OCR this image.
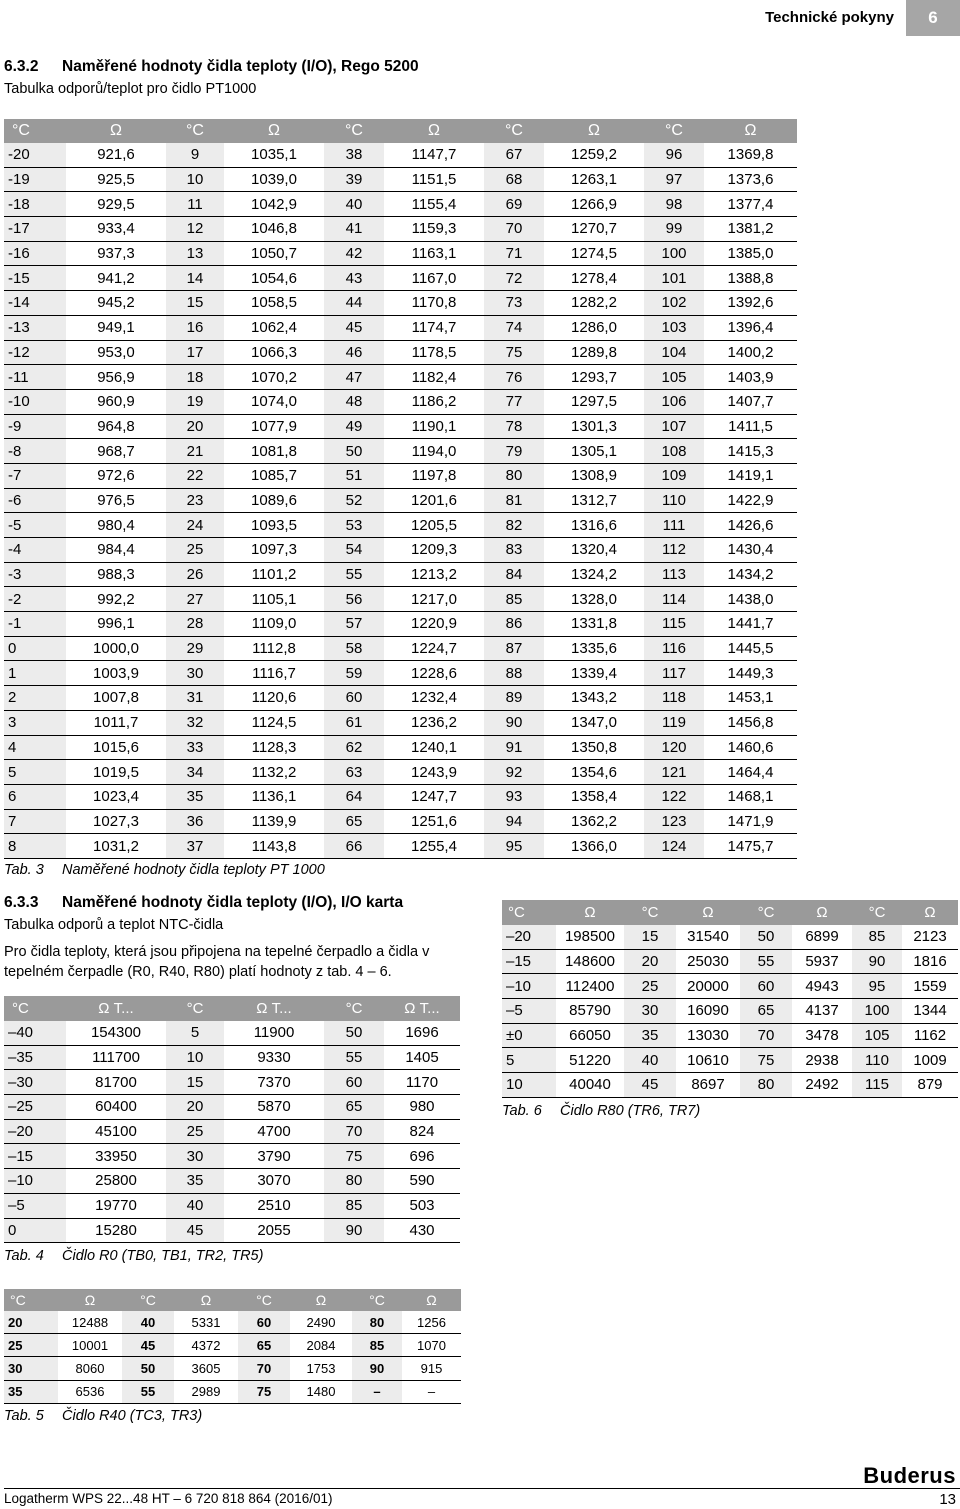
Technické pokyny	6
6.3.2 Naměřené hodnoty čidla teploty (I/O), Rego 5200
Tabulka odporů/teplot pro čidlo PT1000
°C	Ω	°C	Ω	°C	Ω	°C	Ω	°C	Ω
-20	921,6	9	1035,1	38	1147,7	67	1259,2	96	1369,8
-19	925,5	10	1039,0	39	1151,5	68	1263,1	97	1373,6
-18	929,5	11	1042,9	40	1155,4	69	1266,9	98	1377,4
-17	933,4	12	1046,8	41	1159,3	70	1270,7	99	1381,2
-16	937,3	13	1050,7	42	1163,1	71	1274,5	100	1385,0
-15	941,2	14	1054,6	43	1167,0	72	1278,4	101	1388,8
-14	945,2	15	1058,5	44	1170,8	73	1282,2	102	1392,6
-13	949,1	16	1062,4	45	1174,7	74	1286,0	103	1396,4
-12	953,0	17	1066,3	46	1178,5	75	1289,8	104	1400,2
-11	956,9	18	1070,2	47	1182,4	76	1293,7	105	1403,9
-10	960,9	19	1074,0	48	1186,2	77	1297,5	106	1407,7
-9	964,8	20	1077,9	49	1190,1	78	1301,3	107	1411,5
-8	968,7	21	1081,8	50	1194,0	79	1305,1	108	1415,3
-7	972,6	22	1085,7	51	1197,8	80	1308,9	109	1419,1
-6	976,5	23	1089,6	52	1201,6	81	1312,7	110	1422,9
-5	980,4	24	1093,5	53	1205,5	82	1316,6	111	1426,6
-4	984,4	25	1097,3	54	1209,3	83	1320,4	112	1430,4
-3	988,3	26	1101,2	55	1213,2	84	1324,2	113	1434,2
-2	992,2	27	1105,1	56	1217,0	85	1328,0	114	1438,0
-1	996,1	28	1109,0	57	1220,9	86	1331,8	115	1441,7
0	1000,0	29	1112,8	58	1224,7	87	1335,6	116	1445,5
1	1003,9	30	1116,7	59	1228,6	88	1339,4	117	1449,3
2	1007,8	31	1120,6	60	1232,4	89	1343,2	118	1453,1
3	1011,7	32	1124,5	61	1236,2	90	1347,0	119	1456,8
4	1015,6	33	1128,3	62	1240,1	91	1350,8	120	1460,6
5	1019,5	34	1132,2	63	1243,9	92	1354,6	121	1464,4
6	1023,4	35	1136,1	64	1247,7	93	1358,4	122	1468,1
7	1027,3	36	1139,9	65	1251,6	94	1362,2	123	1471,9
8	1031,2	37	1143,8	66	1255,4	95	1366,0	124	1475,7
Tab. 3 Naměřené hodnoty čidla teploty PT 1000
6.3.3 Naměřené hodnoty čidla teploty (I/O), I/O karta
Tabulka odporů a teplot NTC-čidla
Pro čidla teploty, která jsou připojena na tepelné čerpadlo a čidla v
tepelném čerpadle (R0, R40, R80) platí hodnoty z tab. 4 – 6.
°C	Ω T...	°C	Ω T...	°C	Ω T...
–40	154300	5	11900	50	1696
–35	111700	10	9330	55	1405
–30	81700	15	7370	60	1170
–25	60400	20	5870	65	980
–20	45100	25	4700	70	824
–15	33950	30	3790	75	696
–10	25800	35	3070	80	590
–5	19770	40	2510	85	503
0	15280	45	2055	90	430
Tab. 4 Čidlo R0 (TB0, TB1, TR2, TR5)
°C	Ω	°C	Ω	°C	Ω	°C	Ω
–20	198500	15	31540	50	6899	85	2123
–15	148600	20	25030	55	5937	90	1816
–10	112400	25	20000	60	4943	95	1559
–5	85790	30	16090	65	4137	100	1344
±0	66050	35	13030	70	3478	105	1162
5	51220	40	10610	75	2938	110	1009
10	40040	45	8697	80	2492	115	879
Tab. 6 Čidlo R80 (TR6, TR7)
°C	Ω	°C	Ω	°C	Ω	°C	Ω
20	12488	40	5331	60	2490	80	1256
25	10001	45	4372	65	2084	85	1070
30	8060	50	3605	70	1753	90	915
35	6536	55	2989	75	1480	–	–
Tab. 5 Čidlo R40 (TC3, TR3)
Buderus
Logatherm WPS 22...48 HT – 6 720 818 864 (2016/01)	13
